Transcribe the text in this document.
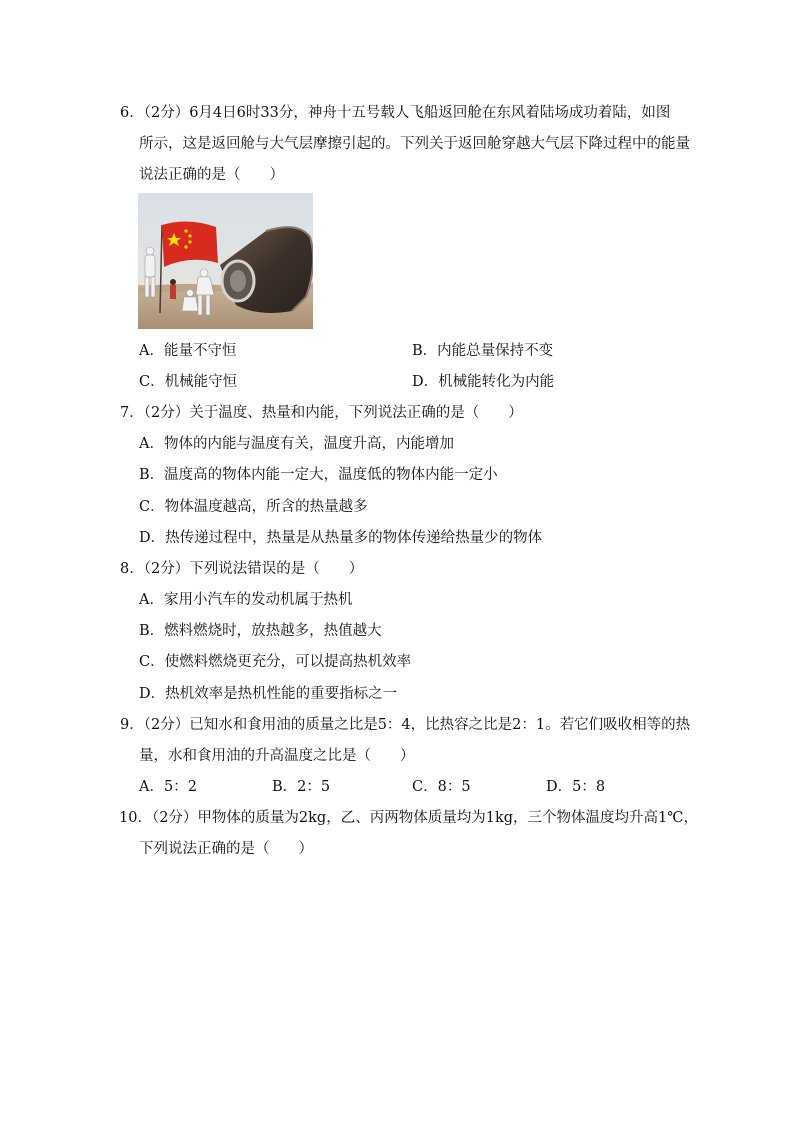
6．（2分）6月4日6时33分，神舟十五号载人飞船返回舱在东风着陆场成功着陆，如图
所示，这是返回舱与大气层摩擦引起的。下列关于返回舱穿越大气层下降过程中的能量
说法正确的是（　　）
A．能量不守恒	B．内能总量保持不变
C．机械能守恒	D．机械能转化为内能
7．（2分）关于温度、热量和内能，下列说法正确的是（　　）
A．物体的内能与温度有关，温度升高，内能增加
B．温度高的物体内能一定大，温度低的物体内能一定小
C．物体温度越高，所含的热量越多
D．热传递过程中，热量是从热量多的物体传递给热量少的物体
8．（2分）下列说法错误的是（　　）
A．家用小汽车的发动机属于热机
B．燃料燃烧时，放热越多，热值越大
C．使燃料燃烧更充分，可以提高热机效率
D．热机效率是热机性能的重要指标之一
9．（2分）已知水和食用油的质量之比是5：4，比热容之比是2：1。若它们吸收相等的热
量，水和食用油的升高温度之比是（　　）
A．5：2	B．2：5	C．8：5	D．5：8
10．（2分）甲物体的质量为2kg，乙、丙两物体质量均为1kg，三个物体温度均升高1℃，
下列说法正确的是（　　）
